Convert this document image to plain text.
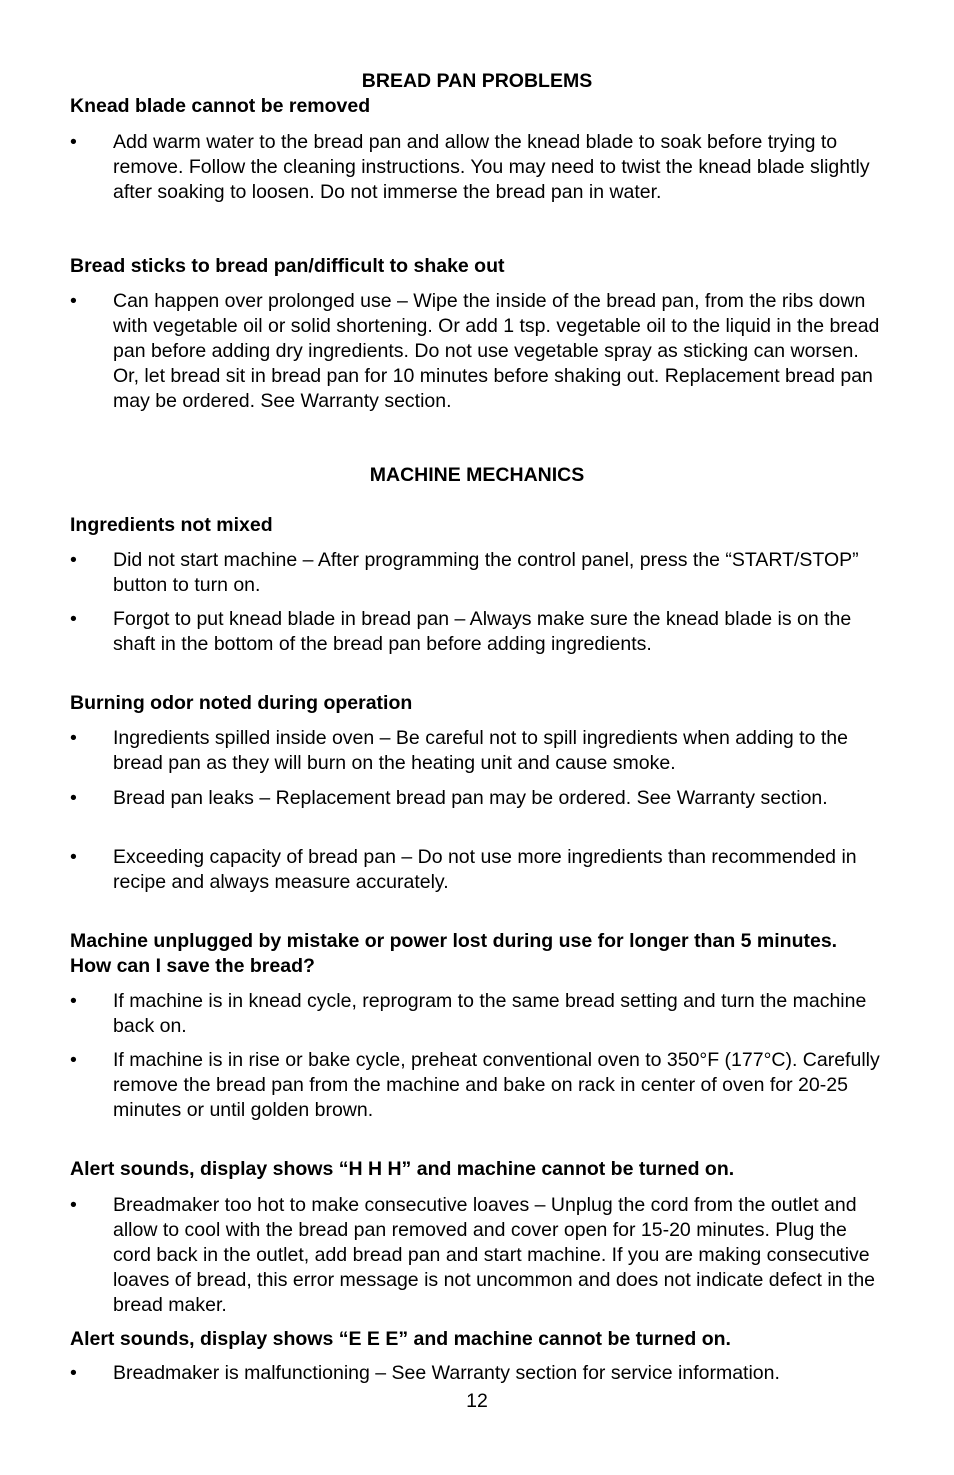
BREAD PAN PROBLEMS
Knead blade cannot be removed
•	Add warm water to the bread pan and allow the knead blade to soak before trying to remove. Follow the cleaning instructions. You may need to twist the knead blade slightly after soaking to loosen. Do not immerse the bread pan in water.
Bread sticks to bread pan/difficult to shake out
•	Can happen over prolonged use – Wipe the inside of the bread pan, from the ribs down with vegetable oil or solid shortening. Or add 1 tsp. vegetable oil to the liquid in the bread pan before adding dry ingredients. Do not use vegetable spray as sticking can worsen. Or, let bread sit in bread pan for 10 minutes before shaking out. Replacement bread pan may be ordered. See Warranty section.
MACHINE MECHANICS
Ingredients not mixed
•	Did not start machine – After programming the control panel, press the “START/STOP” button to turn on.
•	Forgot to put knead blade in bread pan – Always make sure the knead blade is on the shaft in the bottom of the bread pan before adding ingredients.
Burning odor noted during operation
•	Ingredients spilled inside oven – Be careful not to spill ingredients when adding to the bread pan as they will burn on the heating unit and cause smoke.
•	Bread pan leaks – Replacement bread pan may be ordered. See Warranty section.
•	Exceeding capacity of bread pan – Do not use more ingredients than recommended in recipe and always measure accurately.
Machine unplugged by mistake or power lost during use for longer than 5 minutes. How can I save the bread?
•	If machine is in knead cycle, reprogram to the same bread setting and turn the machine back on.
•	If machine is in rise or bake cycle, preheat conventional oven to 350°F (177°C). Carefully remove the bread pan from the machine and bake on rack in center of oven for 20-25 minutes or until golden brown.
Alert sounds, display shows “H H H” and machine cannot be turned on.
•	Breadmaker too hot to make consecutive loaves – Unplug the cord from the outlet and allow to cool with the bread pan removed and cover open for 15-20 minutes. Plug the cord back in the outlet, add bread pan and start machine. If you are making consecutive loaves of bread, this error message is not uncommon and does not indicate defect in the bread maker.
Alert sounds, display shows “E E E” and machine cannot be turned on.
•	Breadmaker is malfunctioning – See Warranty section for service information.
12
